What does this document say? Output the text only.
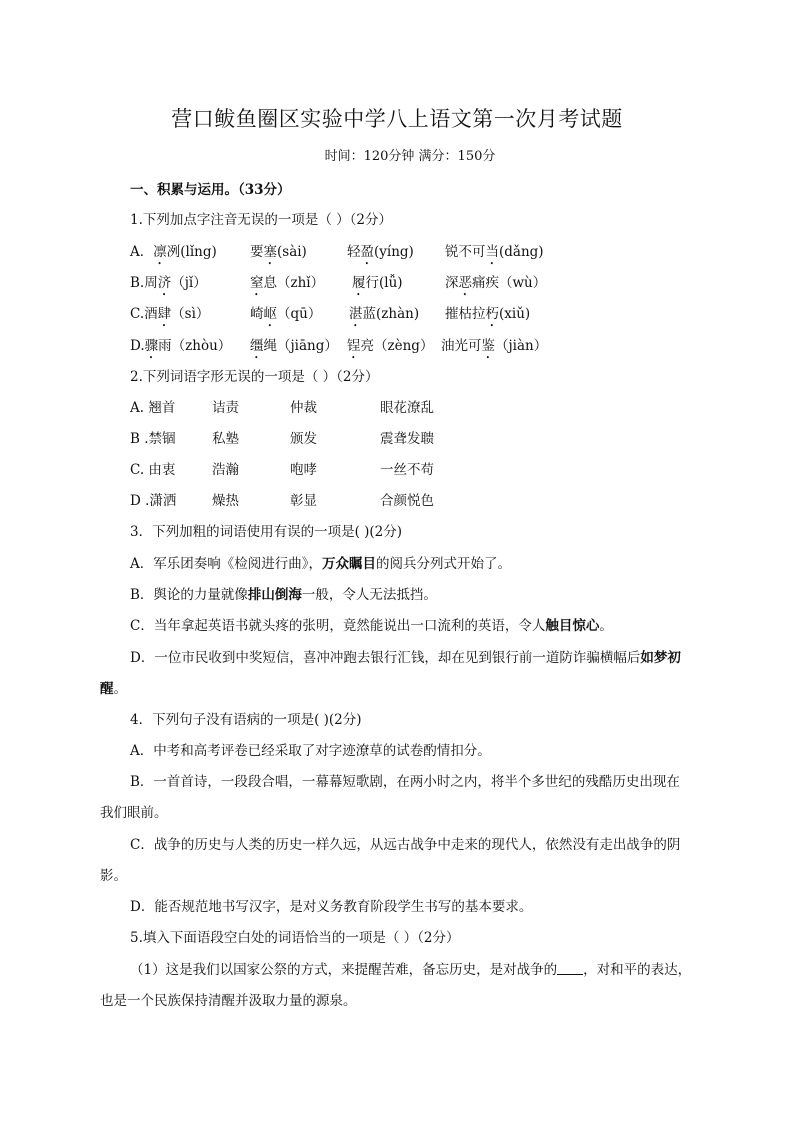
营口鲅鱼圈区实验中学八上语文第一次月考试题
时间：120分钟 满分：150分
一、积累与运用。（33分）
1.下列加点字注音无误的一项是（ ）（2分）
A．凛冽(lǐng) 要塞(sài)	轻盈(yíng) 锐不可当(dǎng)
B.周济（jǐ）	窒息（zhǐ） 履行(lǚ)	深恶痛疾（wù）
C.酒肆（sì）	崎岖（qū） 湛蓝(zhàn) 摧枯拉朽(xiǔ)
D.骤雨（zhòu） 缰绳（jiāng） 锃亮（zèng） 油光可鉴（jiàn）
2.下列词语字形无误的一项是（ ）（2分）
A. 翘首	诘责	仲裁	眼花潦乱
B .禁锢	私塾	颁发	震聋发聩
C. 由衷	浩瀚	咆哮	一丝不苟
D .潇洒	燥热	彰显	合颜悦色
3．下列加粗的词语使用有误的一项是( )(2分)
A．军乐团奏响《检阅进行曲》，万众瞩目的阅兵分列式开始了。
B．舆论的力量就像排山倒海一般，令人无法抵挡。
C．当年拿起英语书就头疼的张明，竟然能说出一口流利的英语，令人触目惊心。
D．一位市民收到中奖短信，喜冲冲跑去银行汇钱，却在见到银行前一道防诈骗横幅后如梦初
醒。
4．下列句子没有语病的一项是( )(2分)
A．中考和高考评卷已经采取了对字迹潦草的试卷酌情扣分。
B．一首首诗，一段段合唱，一幕幕短歌剧，在两小时之内，将半个多世纪的残酷历史出现在
我们眼前。
C．战争的历史与人类的历史一样久远，从远古战争中走来的现代人，依然没有走出战争的阴
影。
D．能否规范地书写汉字，是对义务教育阶段学生书写的基本要求。
5.填入下面语段空白处的词语恰当的一项是（ ）（2分）
（1）这是我们以国家公祭的方式，来提醒苦难，备忘历史，是对战争的 ，对和平的表达，
也是一个民族保持清醒并汲取力量的源泉。
